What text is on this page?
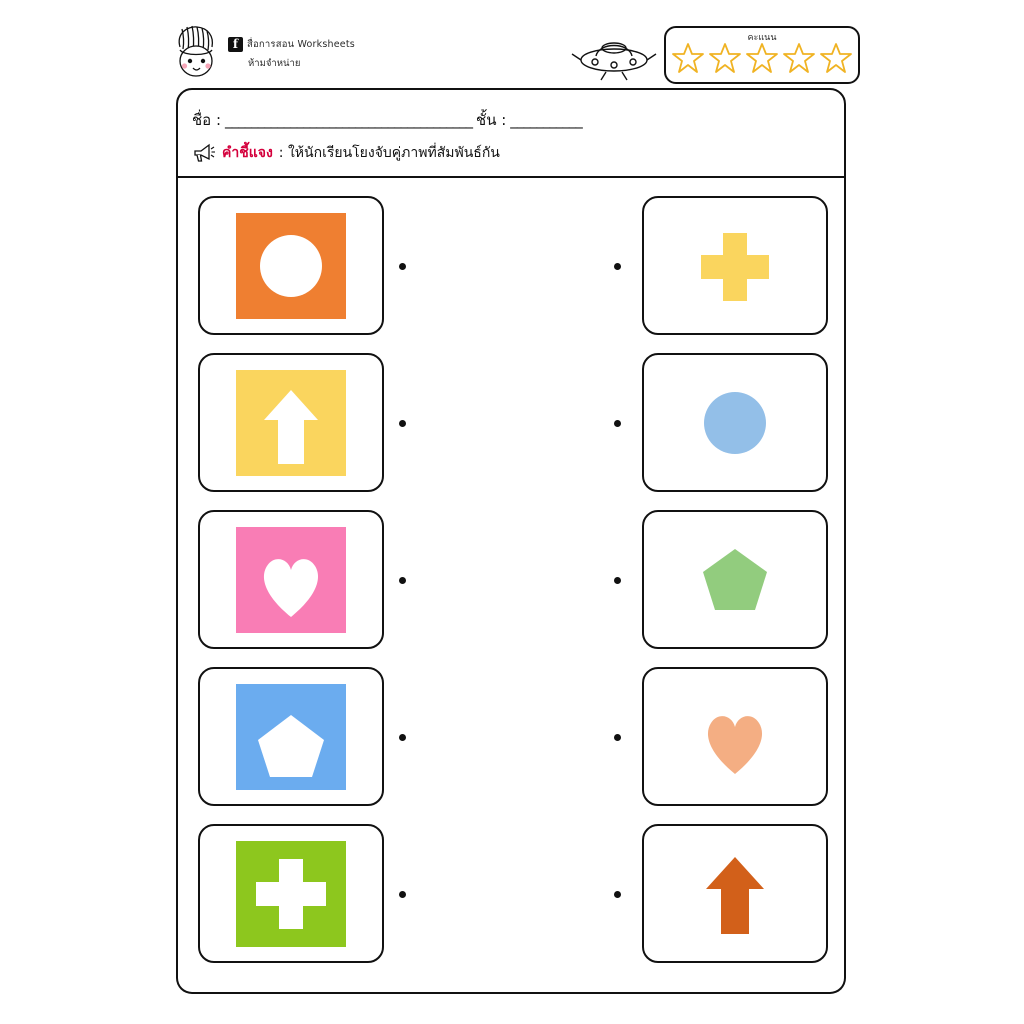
f สื่อการสอน Worksheets
ห้ามจำหน่าย
คะแนน
ชื่อ : ______________________________________ ชั้น : ___________
คำชี้แจง : ให้นักเรียนโยงจับคู่ภาพที่สัมพันธ์กัน
